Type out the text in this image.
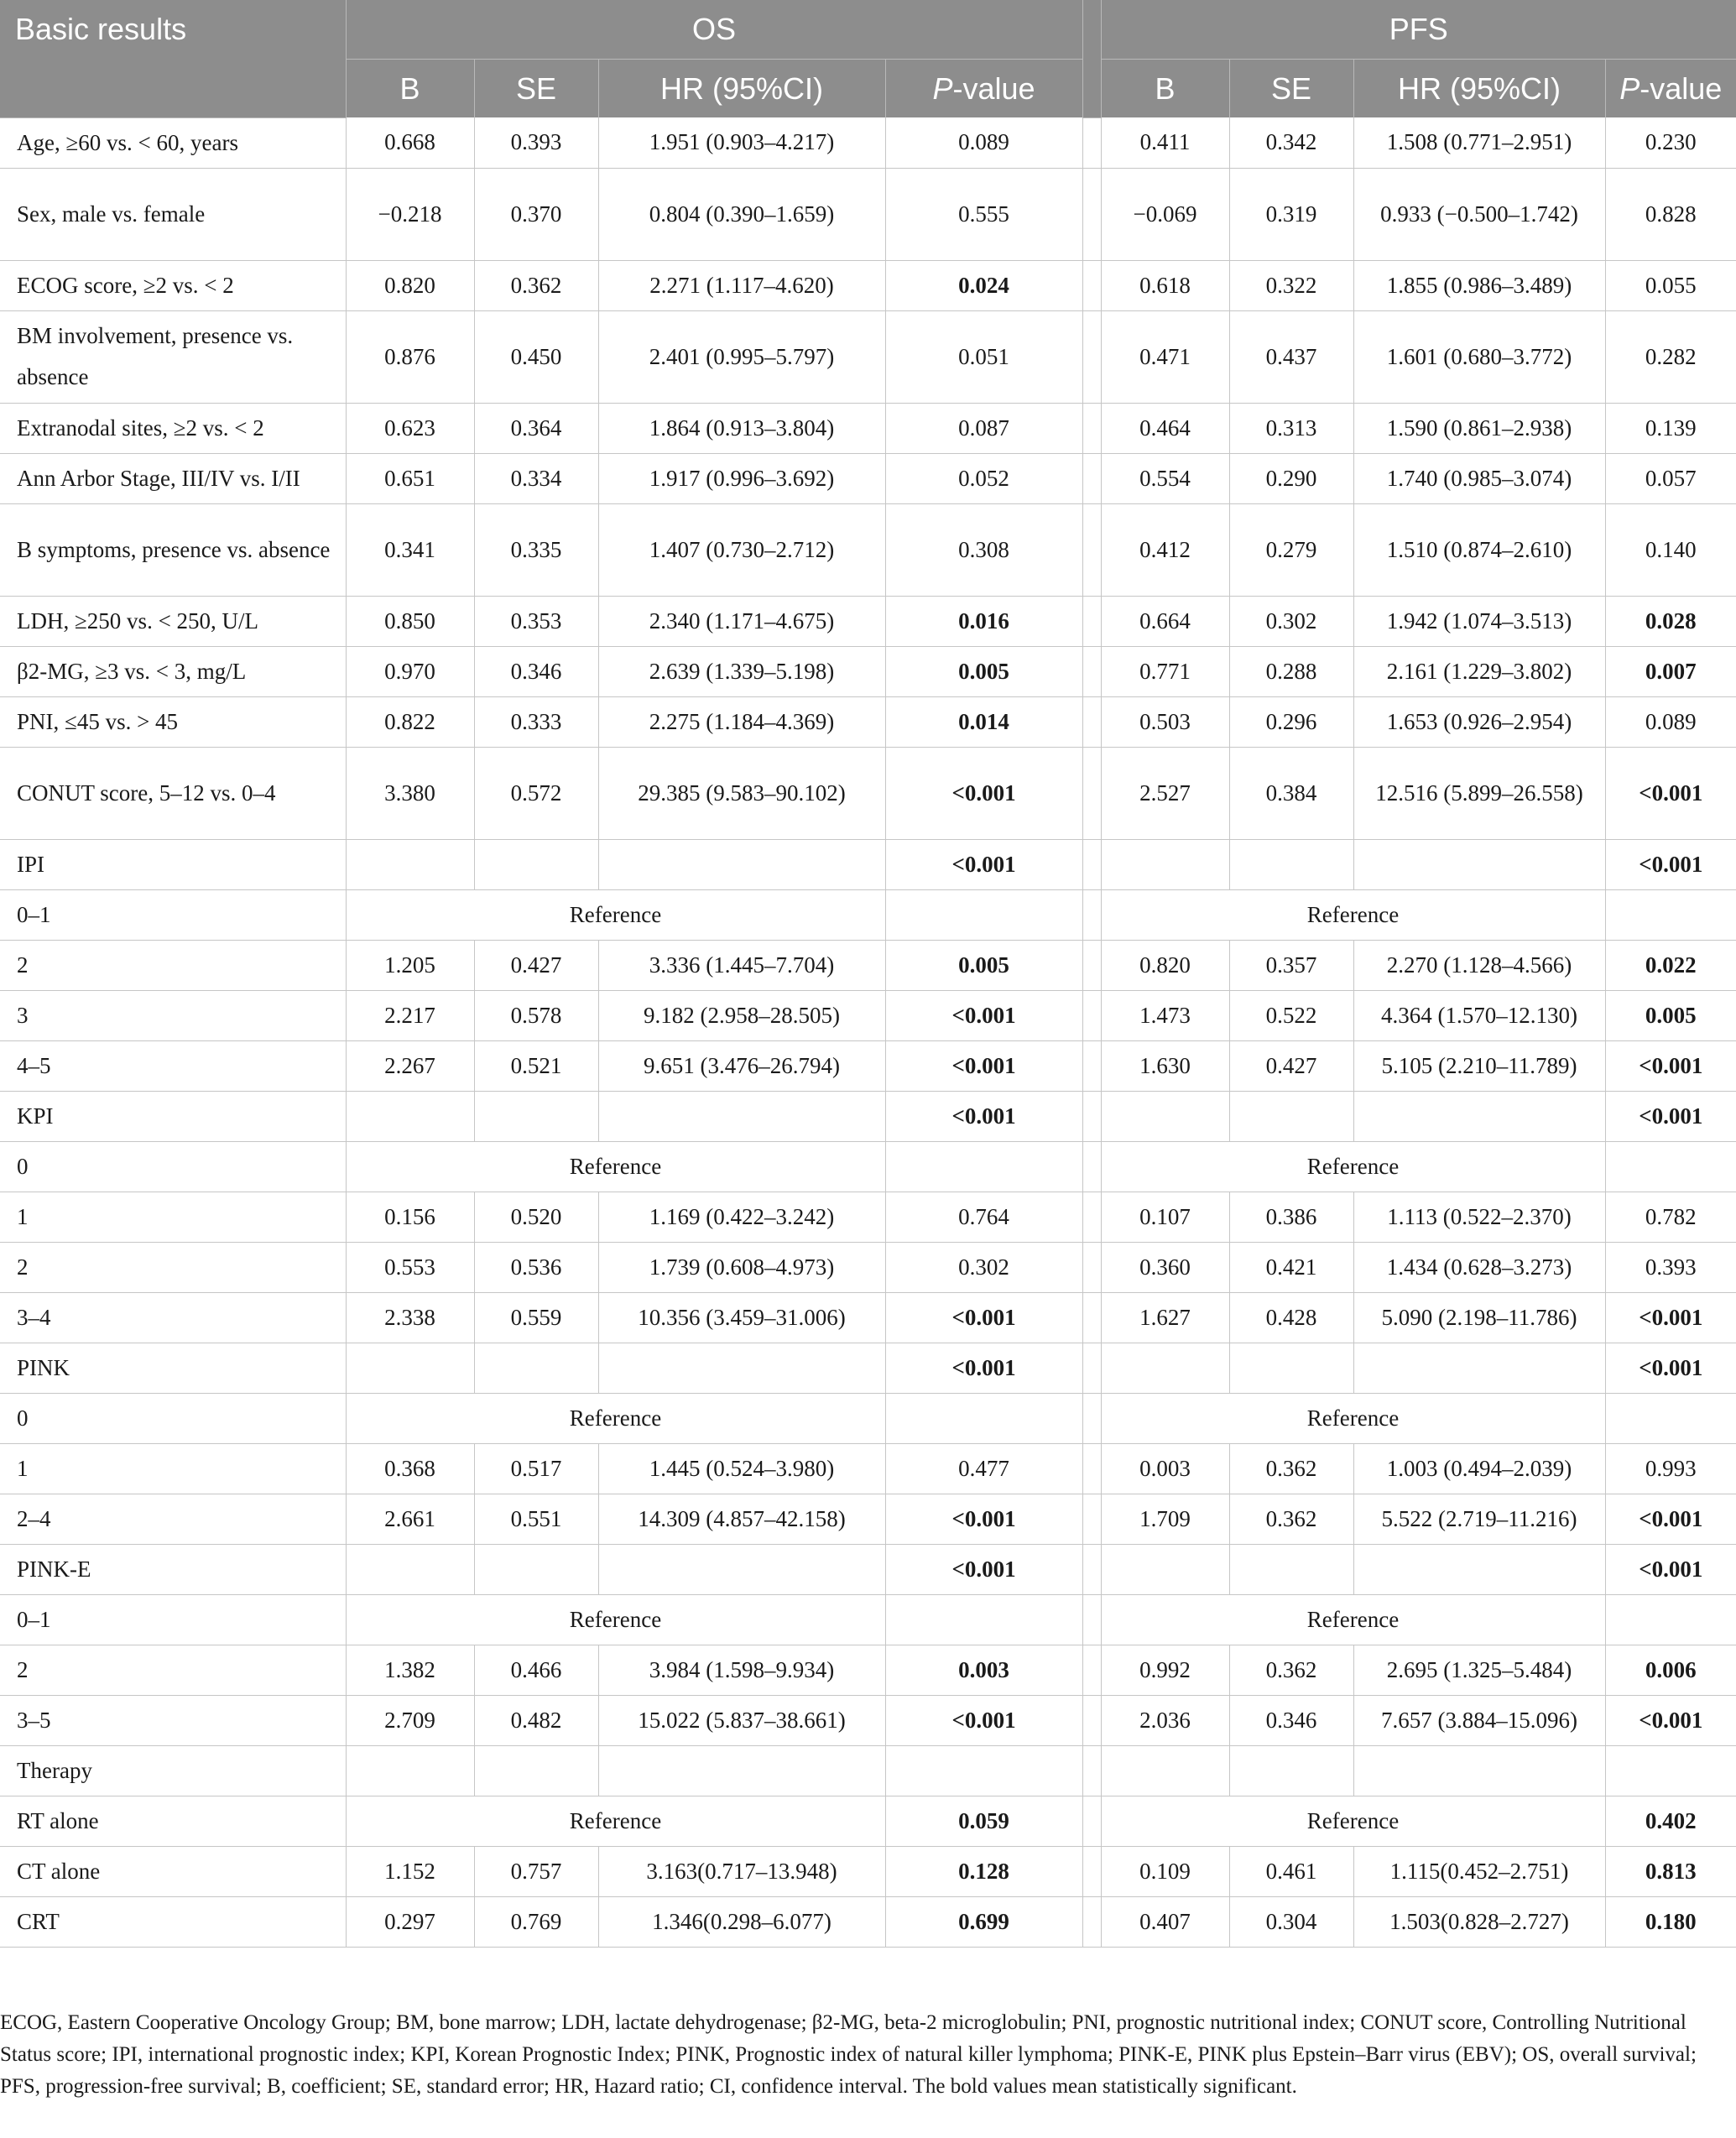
Basic results	OS					PFS			
	B	SE	HR (95%CI)	P-value		B	SE	HR (95%CI)	P-value
Age, ≥60 vs. < 60, years	0.668	0.393	1.951 (0.903–4.217)	0.089		0.411	0.342	1.508 (0.771–2.951)	0.230
Sex, male vs. female	−0.218	0.370	0.804 (0.390–1.659)	0.555		−0.069	0.319	0.933 (−0.500–1.742)	0.828
ECOG score, ≥2 vs. < 2	0.820	0.362	2.271 (1.117–4.620)	0.024		0.618	0.322	1.855 (0.986–3.489)	0.055
BM involvement, presence vs. absence	0.876	0.450	2.401 (0.995–5.797)	0.051		0.471	0.437	1.601 (0.680–3.772)	0.282
Extranodal sites, ≥2 vs. < 2	0.623	0.364	1.864 (0.913–3.804)	0.087		0.464	0.313	1.590 (0.861–2.938)	0.139
Ann Arbor Stage, III/IV vs. I/II	0.651	0.334	1.917 (0.996–3.692)	0.052		0.554	0.290	1.740 (0.985–3.074)	0.057
B symptoms, presence vs. absence	0.341	0.335	1.407 (0.730–2.712)	0.308		0.412	0.279	1.510 (0.874–2.610)	0.140
LDH, ≥250 vs. < 250, U/L	0.850	0.353	2.340 (1.171–4.675)	0.016		0.664	0.302	1.942 (1.074–3.513)	0.028
β2-MG, ≥3 vs. < 3, mg/L	0.970	0.346	2.639 (1.339–5.198)	0.005		0.771	0.288	2.161 (1.229–3.802)	0.007
PNI, ≤45 vs. > 45	0.822	0.333	2.275 (1.184–4.369)	0.014		0.503	0.296	1.653 (0.926–2.954)	0.089
CONUT score, 5–12 vs. 0–4	3.380	0.572	29.385 (9.583–90.102)	<0.001		2.527	0.384	12.516 (5.899–26.558)	<0.001
IPI				<0.001					<0.001
0–1	Reference					Reference			
2	1.205	0.427	3.336 (1.445–7.704)	0.005		0.820	0.357	2.270 (1.128–4.566)	0.022
3	2.217	0.578	9.182 (2.958–28.505)	<0.001		1.473	0.522	4.364 (1.570–12.130)	0.005
4–5	2.267	0.521	9.651 (3.476–26.794)	<0.001		1.630	0.427	5.105 (2.210–11.789)	<0.001
KPI				<0.001					<0.001
0	Reference					Reference			
1	0.156	0.520	1.169 (0.422–3.242)	0.764		0.107	0.386	1.113 (0.522–2.370)	0.782
2	0.553	0.536	1.739 (0.608–4.973)	0.302		0.360	0.421	1.434 (0.628–3.273)	0.393
3–4	2.338	0.559	10.356 (3.459–31.006)	<0.001		1.627	0.428	5.090 (2.198–11.786)	<0.001
PINK				<0.001					<0.001
0	Reference					Reference			
1	0.368	0.517	1.445 (0.524–3.980)	0.477		0.003	0.362	1.003 (0.494–2.039)	0.993
2–4	2.661	0.551	14.309 (4.857–42.158)	<0.001		1.709	0.362	5.522 (2.719–11.216)	<0.001
PINK-E				<0.001					<0.001
0–1	Reference					Reference			
2	1.382	0.466	3.984 (1.598–9.934)	0.003		0.992	0.362	2.695 (1.325–5.484)	0.006
3–5	2.709	0.482	15.022 (5.837–38.661)	<0.001		2.036	0.346	7.657 (3.884–15.096)	<0.001
Therapy									
RT alone	Reference			0.059		Reference			0.402
CT alone	1.152	0.757	3.163(0.717–13.948)	0.128		0.109	0.461	1.115(0.452–2.751)	0.813
CRT	0.297	0.769	1.346(0.298–6.077)	0.699		0.407	0.304	1.503(0.828–2.727)	0.180
ECOG, Eastern Cooperative Oncology Group; BM, bone marrow; LDH, lactate dehydrogenase; β2-MG, beta-2 microglobulin; PNI, prognostic nutritional index; CONUT score, Controlling Nutritional Status score; IPI, international prognostic index; KPI, Korean Prognostic Index; PINK, Prognostic index of natural killer lymphoma; PINK-E, PINK plus Epstein–Barr virus (EBV); OS, overall survival; PFS, progression-free survival; B, coefficient; SE, standard error; HR, Hazard ratio; CI, confidence interval. The bold values mean statistically significant.
